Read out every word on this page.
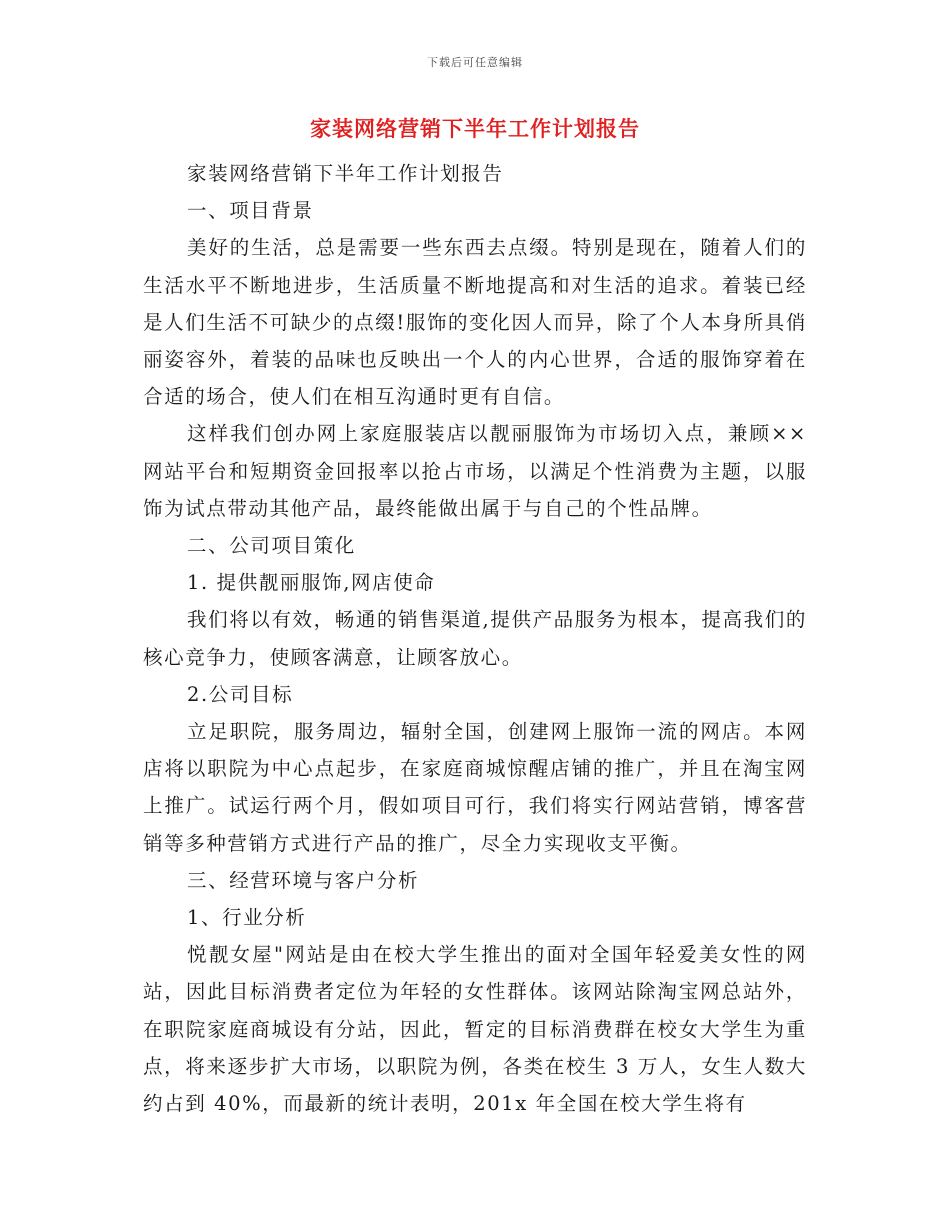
下载后可任意编辑
家装网络营销下半年工作计划报告

家装网络营销下半年工作计划报告

一、项目背景

美好的生活，总是需要一些东西去点缀。特别是现在，随着人们的生活水平不断地进步，生活质量不断地提高和对生活的追求。着装已经是人们生活不可缺少的点缀!服饰的变化因人而异，除了个人本身所具俏丽姿容外，着装的品味也反映出一个人的内心世界，合适的服饰穿着在合适的场合，使人们在相互沟通时更有自信。

这样我们创办网上家庭服装店以靓丽服饰为市场切入点，兼顾××网站平台和短期资金回报率以抢占市场，以满足个性消费为主题，以服饰为试点带动其他产品，最终能做出属于与自己的个性品牌。

二、公司项目策化

1. 提供靓丽服饰,网店使命

我们将以有效，畅通的销售渠道,提供产品服务为根本，提高我们的核心竞争力，使顾客满意，让顾客放心。

2.公司目标

立足职院，服务周边，辐射全国，创建网上服饰一流的网店。本网店将以职院为中心点起步，在家庭商城惊醒店铺的推广，并且在淘宝网上推广。试运行两个月，假如项目可行，我们将实行网站营销，博客营销等多种营销方式进行产品的推广，尽全力实现收支平衡。

三、经营环境与客户分析

1、行业分析

悦靓女屋"网站是由在校大学生推出的面对全国年轻爱美女性的网站，因此目标消费者定位为年轻的女性群体。该网站除淘宝网总站外，在职院家庭商城设有分站，因此，暂定的目标消费群在校女大学生为重点，将来逐步扩大市场，以职院为例，各类在校生 3 万人，女生人数大约占到 40%，而最新的统计表明，201x 年全国在校大学生将有
